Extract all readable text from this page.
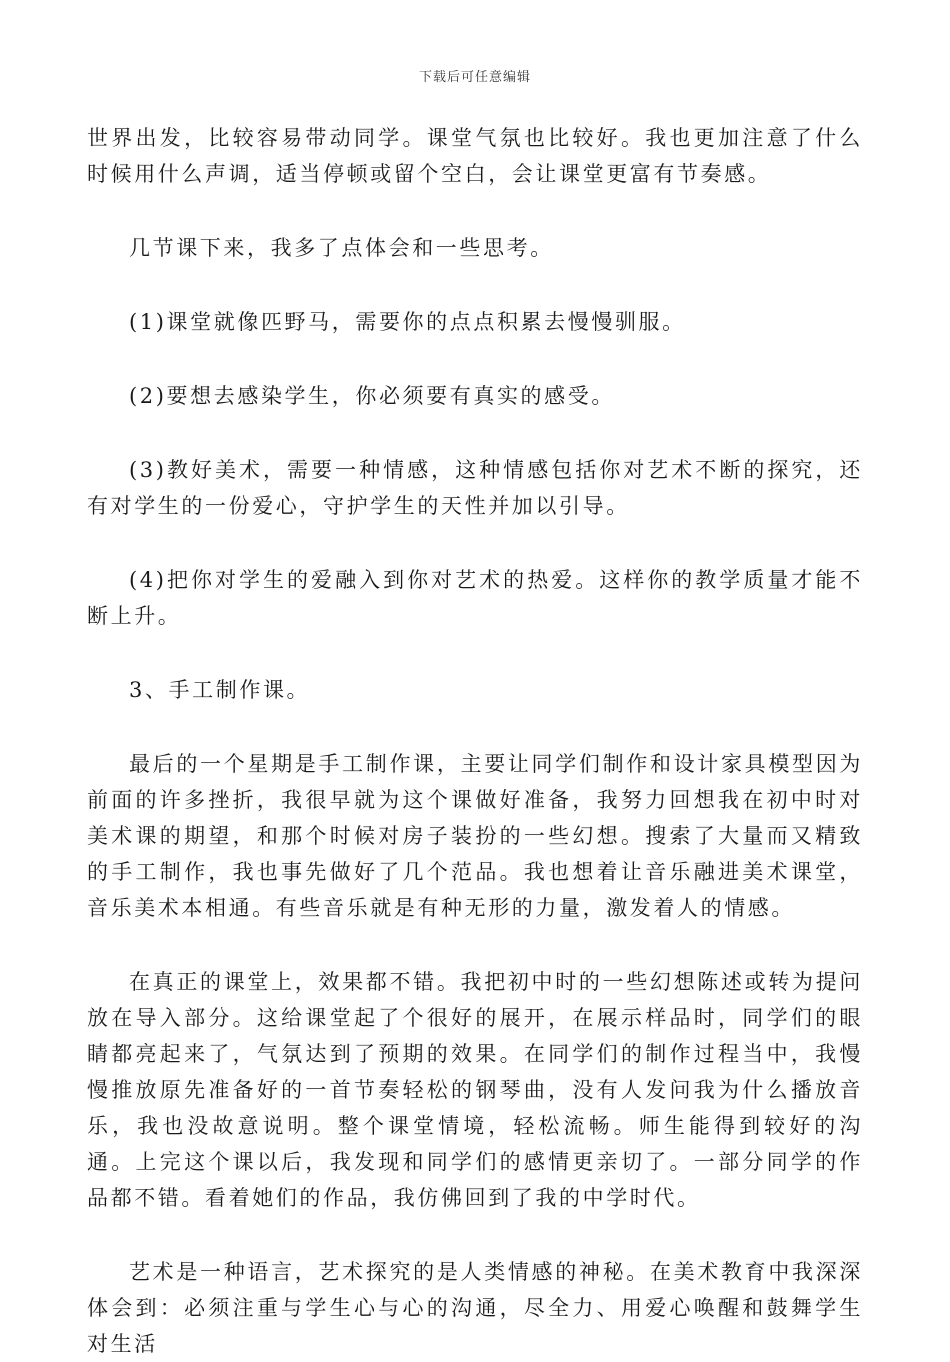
下载后可任意编辑

世界出发，比较容易带动同学。课堂气氛也比较好。我也更加注意了什么时候用什么声调，适当停顿或留个空白，会让课堂更富有节奏感。

几节课下来，我多了点体会和一些思考。

(1)课堂就像匹野马，需要你的点点积累去慢慢驯服。

(2)要想去感染学生，你必须要有真实的感受。

(3)教好美术，需要一种情感，这种情感包括你对艺术不断的探究，还有对学生的一份爱心，守护学生的天性并加以引导。

(4)把你对学生的爱融入到你对艺术的热爱。这样你的教学质量才能不断上升。

3、手工制作课。

最后的一个星期是手工制作课，主要让同学们制作和设计家具模型因为前面的许多挫折，我很早就为这个课做好准备，我努力回想我在初中时对美术课的期望，和那个时候对房子装扮的一些幻想。搜索了大量而又精致的手工制作，我也事先做好了几个范品。我也想着让音乐融进美术课堂，音乐美术本相通。有些音乐就是有种无形的力量，激发着人的情感。

在真正的课堂上，效果都不错。我把初中时的一些幻想陈述或转为提问放在导入部分。这给课堂起了个很好的展开，在展示样品时，同学们的眼睛都亮起来了，气氛达到了预期的效果。在同学们的制作过程当中，我慢慢推放原先准备好的一首节奏轻松的钢琴曲，没有人发问我为什么播放音乐，我也没故意说明。整个课堂情境，轻松流畅。师生能得到较好的沟通。上完这个课以后，我发现和同学们的感情更亲切了。一部分同学的作品都不错。看着她们的作品，我仿佛回到了我的中学时代。

艺术是一种语言，艺术探究的是人类情感的神秘。在美术教育中我深深体会到：必须注重与学生心与心的沟通，尽全力、用爱心唤醒和鼓舞学生对生活
